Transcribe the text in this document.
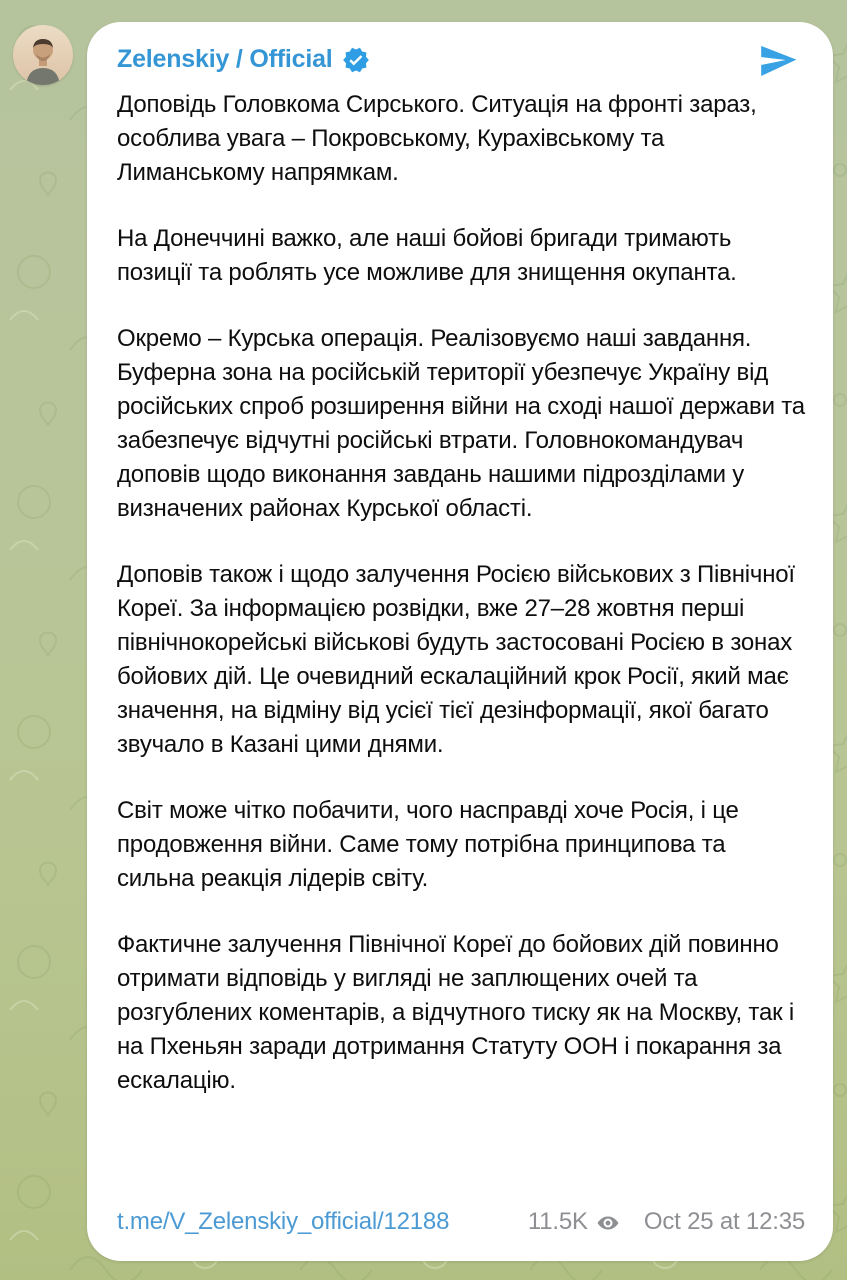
Zelenskiy / Official

Доповідь Головкома Сирського. Ситуація на фронті зараз, особлива увага – Покровському, Курахівському та Лиманському напрямкам.

На Донеччині важко, але наші бойові бригади тримають позиції та роблять усе можливе для знищення окупанта.

Окремо – Курська операція. Реалізовуємо наші завдання. Буферна зона на російській території убезпечує Україну від російських спроб розширення війни на сході нашої держави та забезпечує відчутні російські втрати. Головнокомандувач доповів щодо виконання завдань нашими підрозділами у визначених районах Курської області.

Доповів також і щодо залучення Росією військових з Північної Кореї. За інформацією розвідки, вже 27–28 жовтня перші північнокорейські військові будуть застосовані Росією в зонах бойових дій. Це очевидний ескалаційний крок Росії, який має значення, на відміну від усієї тієї дезінформації, якої багато звучало в Казані цими днями.

Світ може чітко побачити, чого насправді хоче Росія, і це продовження війни. Саме тому потрібна принципова та сильна реакція лідерів світу.

Фактичне залучення Північної Кореї до бойових дій повинно отримати відповідь у вигляді не заплющених очей та розгублених коментарів, а відчутного тиску як на Москву, так і на Пхеньян заради дотримання Статуту ООН і покарання за ескалацію.

t.me/V_Zelenskiy_official/12188	11.5K Oct 25 at 12:35
